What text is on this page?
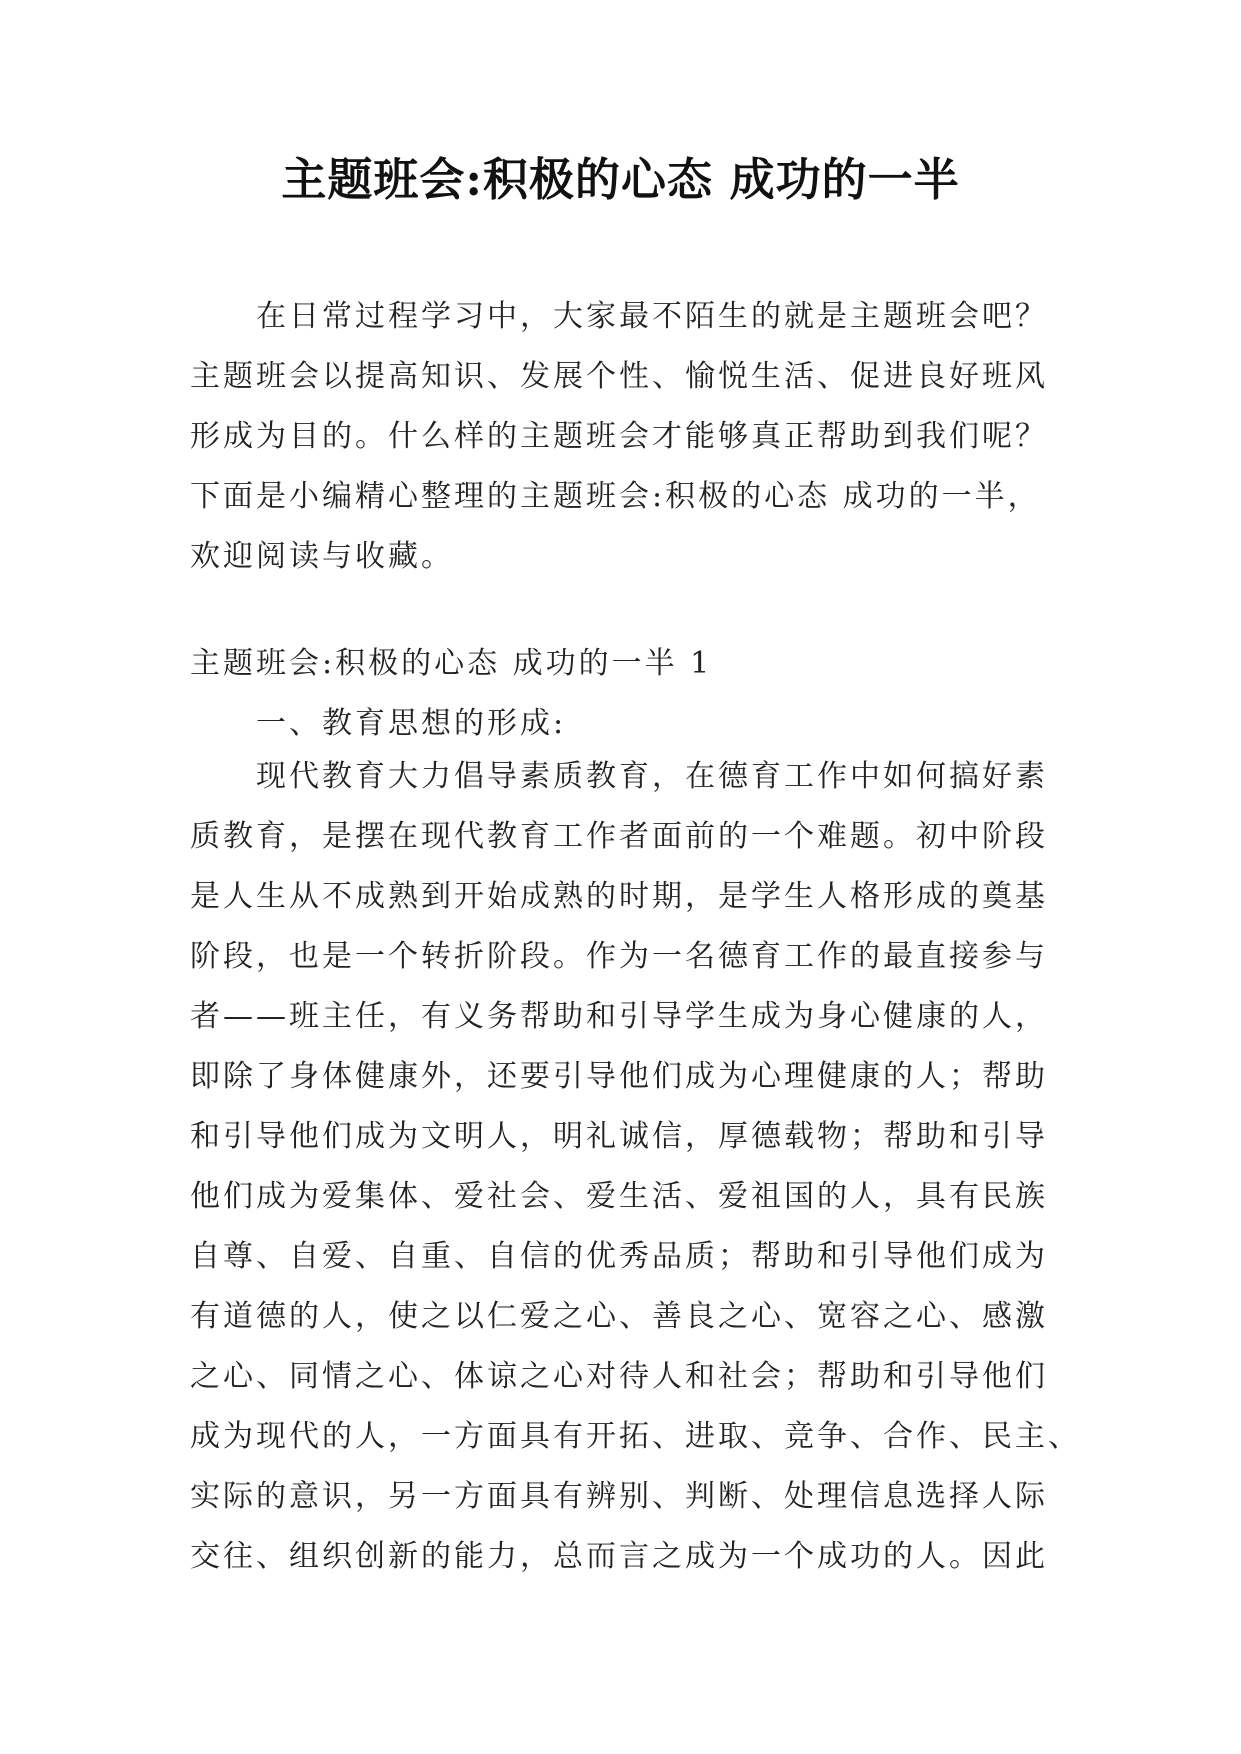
主题班会:积极的心态 成功的一半
在日常过程学习中，大家最不陌生的就是主题班会吧？
主题班会以提高知识、发展个性、愉悦生活、促进良好班风
形成为目的。什么样的主题班会才能够真正帮助到我们呢？
下面是小编精心整理的主题班会:积极的心态 成功的一半，
欢迎阅读与收藏。
主题班会:积极的心态 成功的一半 1
一、教育思想的形成:
现代教育大力倡导素质教育，在德育工作中如何搞好素
质教育，是摆在现代教育工作者面前的一个难题。初中阶段
是人生从不成熟到开始成熟的时期，是学生人格形成的奠基
阶段，也是一个转折阶段。作为一名德育工作的最直接参与
者——班主任，有义务帮助和引导学生成为身心健康的人，
即除了身体健康外，还要引导他们成为心理健康的人；帮助
和引导他们成为文明人，明礼诚信，厚德载物；帮助和引导
他们成为爱集体、爱社会、爱生活、爱祖国的人，具有民族
自尊、自爱、自重、自信的优秀品质；帮助和引导他们成为
有道德的人，使之以仁爱之心、善良之心、宽容之心、感激
之心、同情之心、体谅之心对待人和社会；帮助和引导他们
成为现代的人，一方面具有开拓、进取、竞争、合作、民主、
实际的意识，另一方面具有辨别、判断、处理信息选择人际
交往、组织创新的能力，总而言之成为一个成功的人。因此
